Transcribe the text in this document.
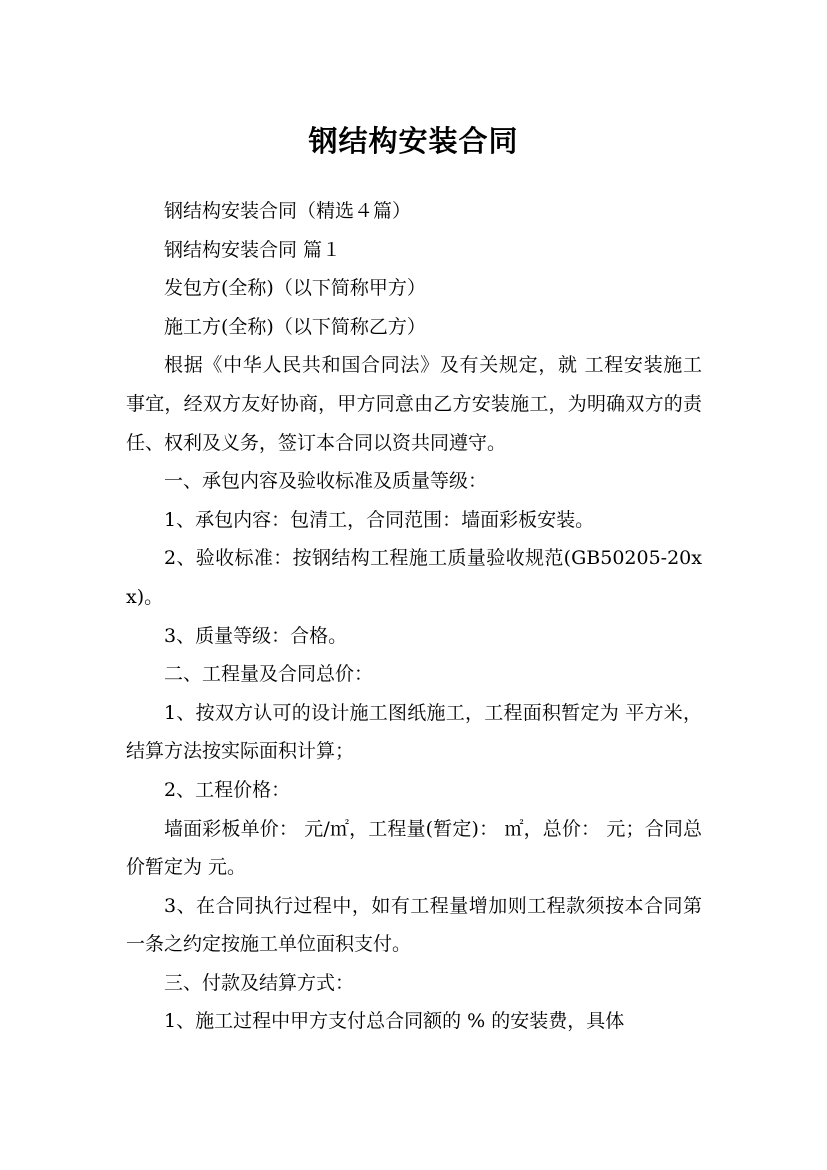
钢结构安装合同

钢结构安装合同（精选４篇）

钢结构安装合同 篇１

发包方(全称)（以下简称甲方）

施工方(全称)（以下简称乙方）

根据《中华人民共和国合同法》及有关规定，就 工程安装施工事宜，经双方友好协商，甲方同意由乙方安装施工，为明确双方的责任、权利及义务，签订本合同以资共同遵守。

一、承包内容及验收标准及质量等级：

1、承包内容：包清工，合同范围：墙面彩板安装。

2、验收标准：按钢结构工程施工质量验收规范(GB50205-20xx)。

3、质量等级：合格。

二、工程量及合同总价：

1、按双方认可的设计施工图纸施工，工程面积暂定为 平方米，结算方法按实际面积计算；

2、工程价格：

墙面彩板单价： 元/㎡，工程量(暂定)： ㎡，总价： 元；合同总价暂定为 元。

3、在合同执行过程中，如有工程量增加则工程款须按本合同第一条之约定按施工单位面积支付。

三、付款及结算方式：

1、施工过程中甲方支付总合同额的 % 的安装费，具体
